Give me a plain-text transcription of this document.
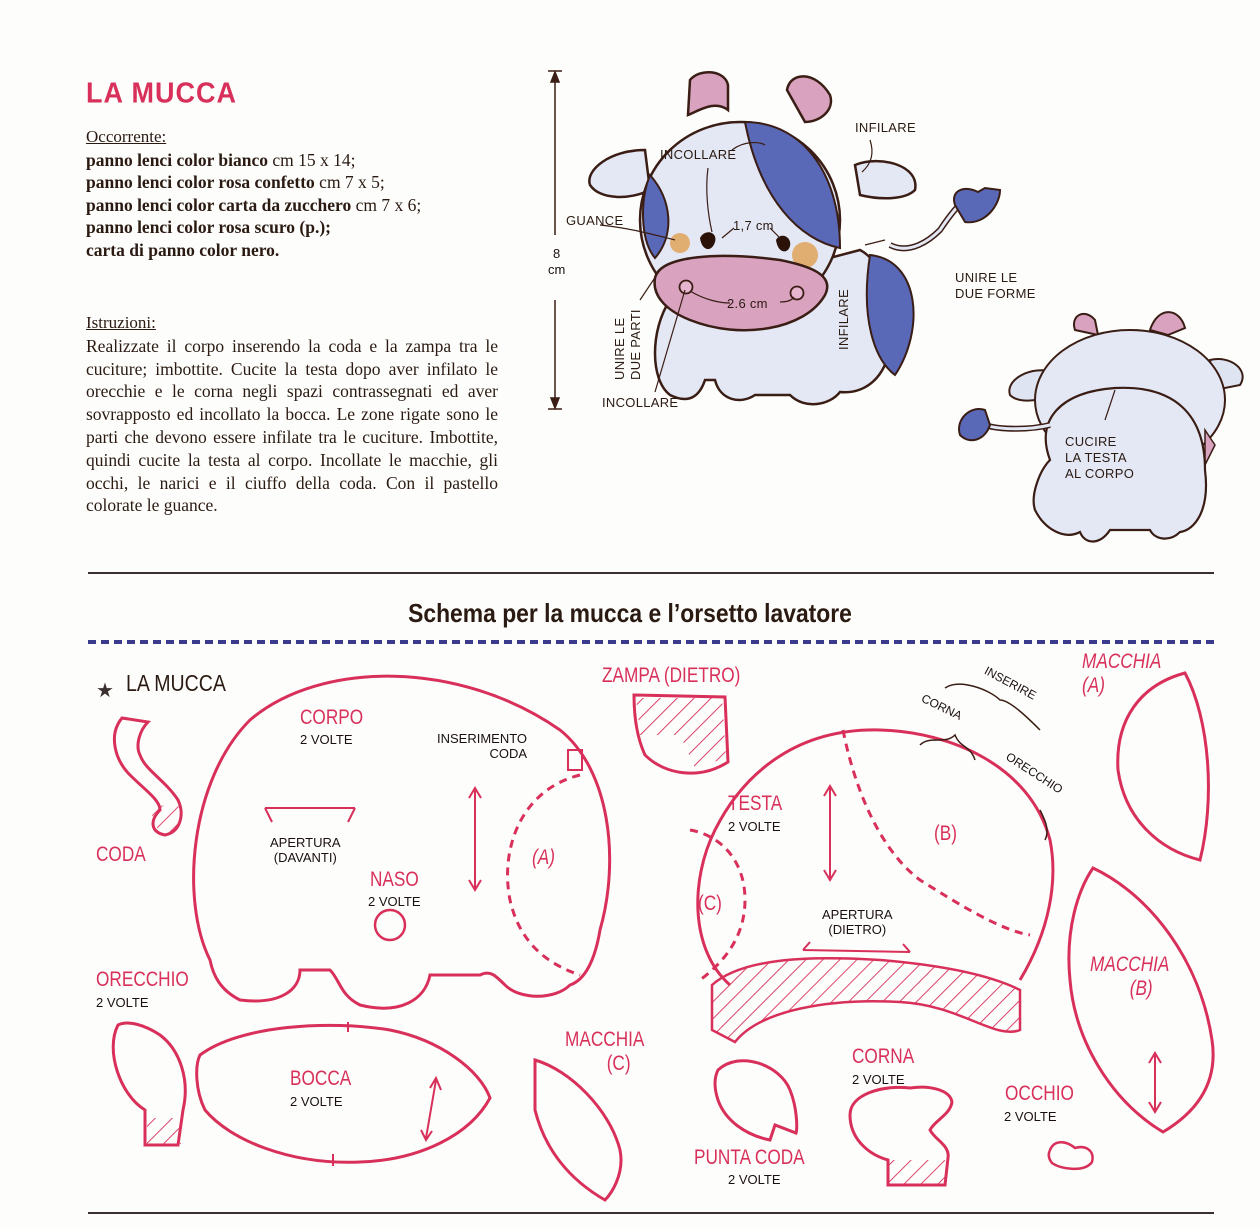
LA MUCCA
Occorrente:
panno lenci color bianco cm 15 x 14;
panno lenci color rosa confetto cm 7 x 5;
panno lenci color carta da zucchero cm 7 x 6;
panno lenci color rosa scuro (p.);
carta di panno color nero.
Istruzioni:
Realizzate il corpo inserendo la coda e la zampa tra le cuciture; imbottite. Cucite la testa dopo aver infilato le orecchie e le corna negli spazi contrassegnati ed aver sovrapposto ed incollato la bocca. Le zone rigate sono le parti che devono essere infilate tra le cuciture. Imbottite, quindi cucite la testa al corpo. Incollate le macchie, gli occhi, le narici e il ciuffo della coda. Con il pastello colorate le guance.
8
cm
INCOLLARE
INFILARE
GUANCE	1,7 cm
2.6 cm
UNIRE LE DUE PARTI	INFILARE
INCOLLARE
UNIRE LE
DUE FORME
CUCIRE
LA TESTA
AL CORPO
Schema per la mucca e l’orsetto lavatore
★ LA MUCCA
CORPO
2 VOLTE	INSERIMENTO
CODA
APERTURA
(DAVANTI)
NASO
2 VOLTE
(A)
CODA
ORECCHIO
2 VOLTE
BOCCA
2 VOLTE
MACCHIA
(C)
ZAMPA (DIETRO)
TESTA
2 VOLTE	(B)
(C)	APERTURA
(DIETRO)
INSERIRE
CORNA
ORECCHIO
MACCHIA
(A)
MACCHIA
(B)
CORNA
2 VOLTE
PUNTA CODA
2 VOLTE
OCCHIO
2 VOLTE
